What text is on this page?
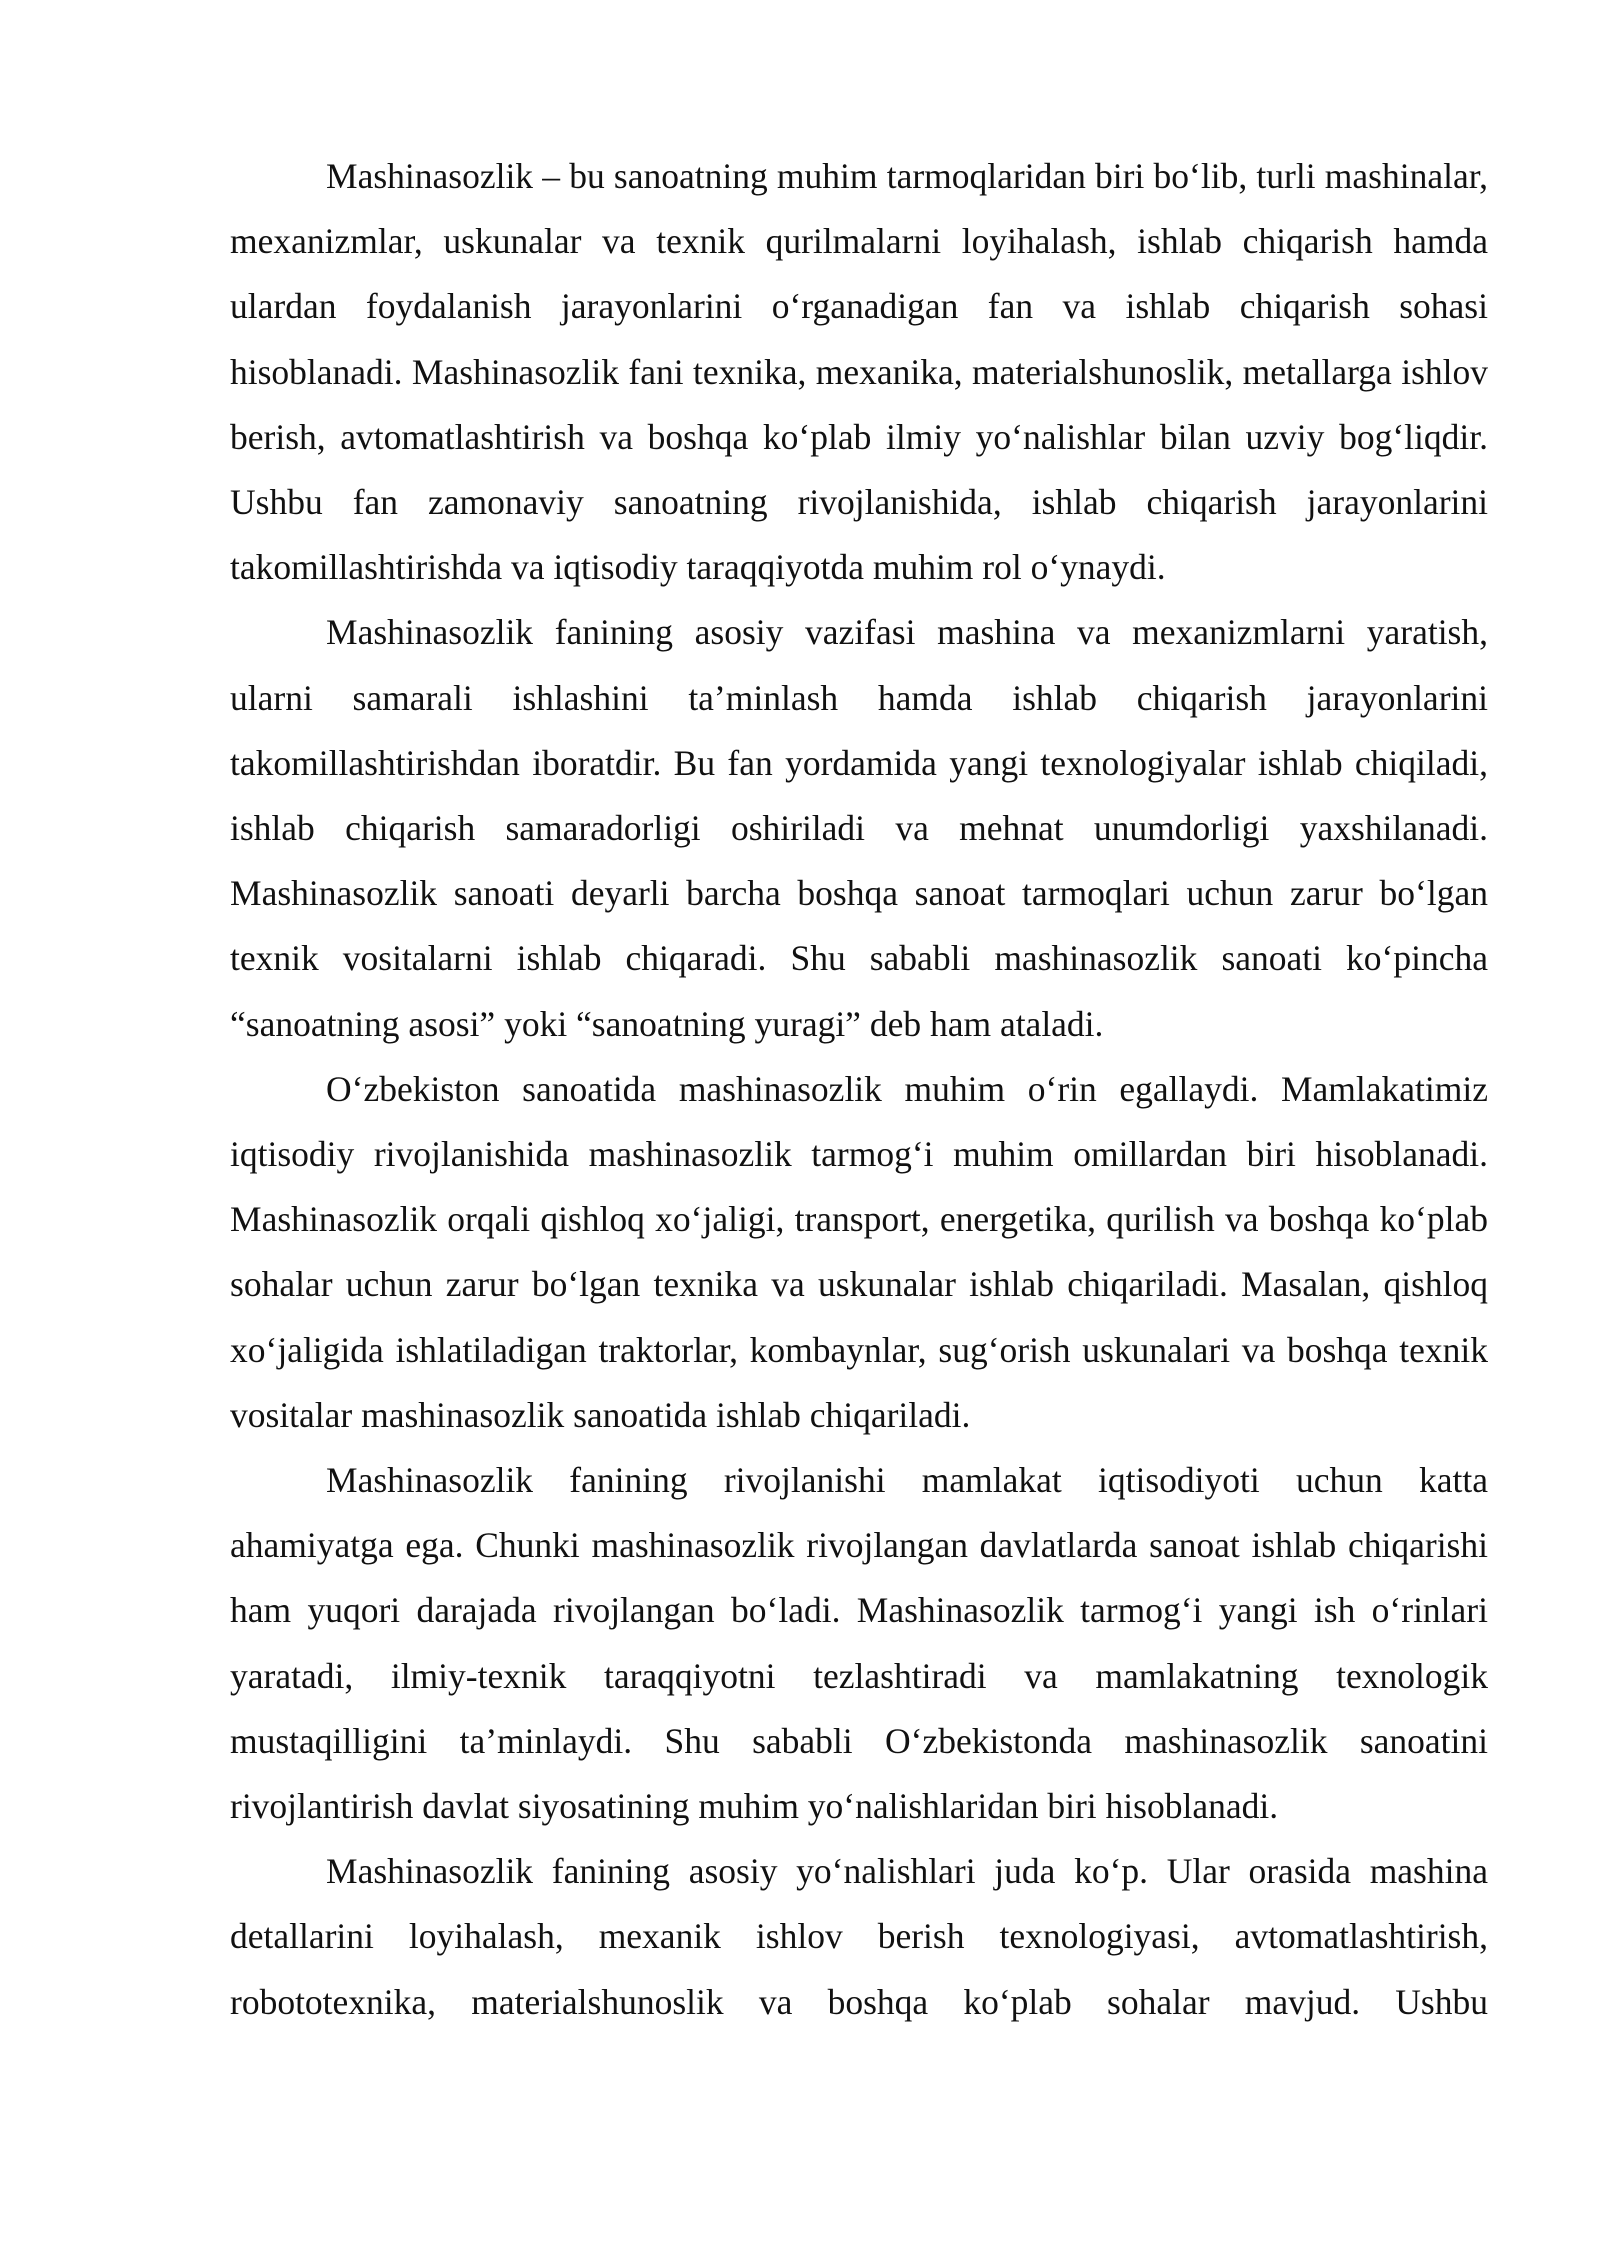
Mashinasozlik – bu sanoatning muhim tarmoqlaridan biri bo‘lib, turli mashinalar, mexanizmlar, uskunalar va texnik qurilmalarni loyihalash, ishlab chiqarish hamda ulardan foydalanish jarayonlarini o‘rganadigan fan va ishlab chiqarish sohasi hisoblanadi. Mashinasozlik fani texnika, mexanika, materialshunoslik, metallarga ishlov berish, avtomatlashtirish va boshqa ko‘plab ilmiy yo‘nalishlar bilan uzviy bog‘liqdir. Ushbu fan zamonaviy sanoatning rivojlanishida, ishlab chiqarish jarayonlarini takomillashtirishda va iqtisodiy taraqqiyotda muhim rol o‘ynaydi.

Mashinasozlik fanining asosiy vazifasi mashina va mexanizmlarni yaratish, ularni samarali ishlashini ta’minlash hamda ishlab chiqarish jarayonlarini takomillashtirishdan iboratdir. Bu fan yordamida yangi texnologiyalar ishlab chiqiladi, ishlab chiqarish samaradorligi oshiriladi va mehnat unumdorligi yaxshilanadi. Mashinasozlik sanoati deyarli barcha boshqa sanoat tarmoqlari uchun zarur bo‘lgan texnik vositalarni ishlab chiqaradi. Shu sababli mashinasozlik sanoati ko‘pincha “sanoatning asosi” yoki “sanoatning yuragi” deb ham ataladi.

O‘zbekiston sanoatida mashinasozlik muhim o‘rin egallaydi. Mamlakatimiz iqtisodiy rivojlanishida mashinasozlik tarmog‘i muhim omillardan biri hisoblanadi. Mashinasozlik orqali qishloq xo‘jaligi, transport, energetika, qurilish va boshqa ko‘plab sohalar uchun zarur bo‘lgan texnika va uskunalar ishlab chiqariladi. Masalan, qishloq xo‘jaligida ishlatiladigan traktorlar, kombaynlar, sug‘orish uskunalari va boshqa texnik vositalar mashinasozlik sanoatida ishlab chiqariladi.

Mashinasozlik fanining rivojlanishi mamlakat iqtisodiyoti uchun katta ahamiyatga ega. Chunki mashinasozlik rivojlangan davlatlarda sanoat ishlab chiqarishi ham yuqori darajada rivojlangan bo‘ladi. Mashinasozlik tarmog‘i yangi ish o‘rinlari yaratadi, ilmiy-texnik taraqqiyotni tezlashtiradi va mamlakatning texnologik mustaqilligini ta’minlaydi. Shu sababli O‘zbekistonda mashinasozlik sanoatini rivojlantirish davlat siyosatining muhim yo‘nalishlaridan biri hisoblanadi.

Mashinasozlik fanining asosiy yo‘nalishlari juda ko‘p. Ular orasida mashina detallarini loyihalash, mexanik ishlov berish texnologiyasi, avtomatlashtirish, robototexnika, materialshunoslik va boshqa ko‘plab sohalar mavjud. Ushbu
